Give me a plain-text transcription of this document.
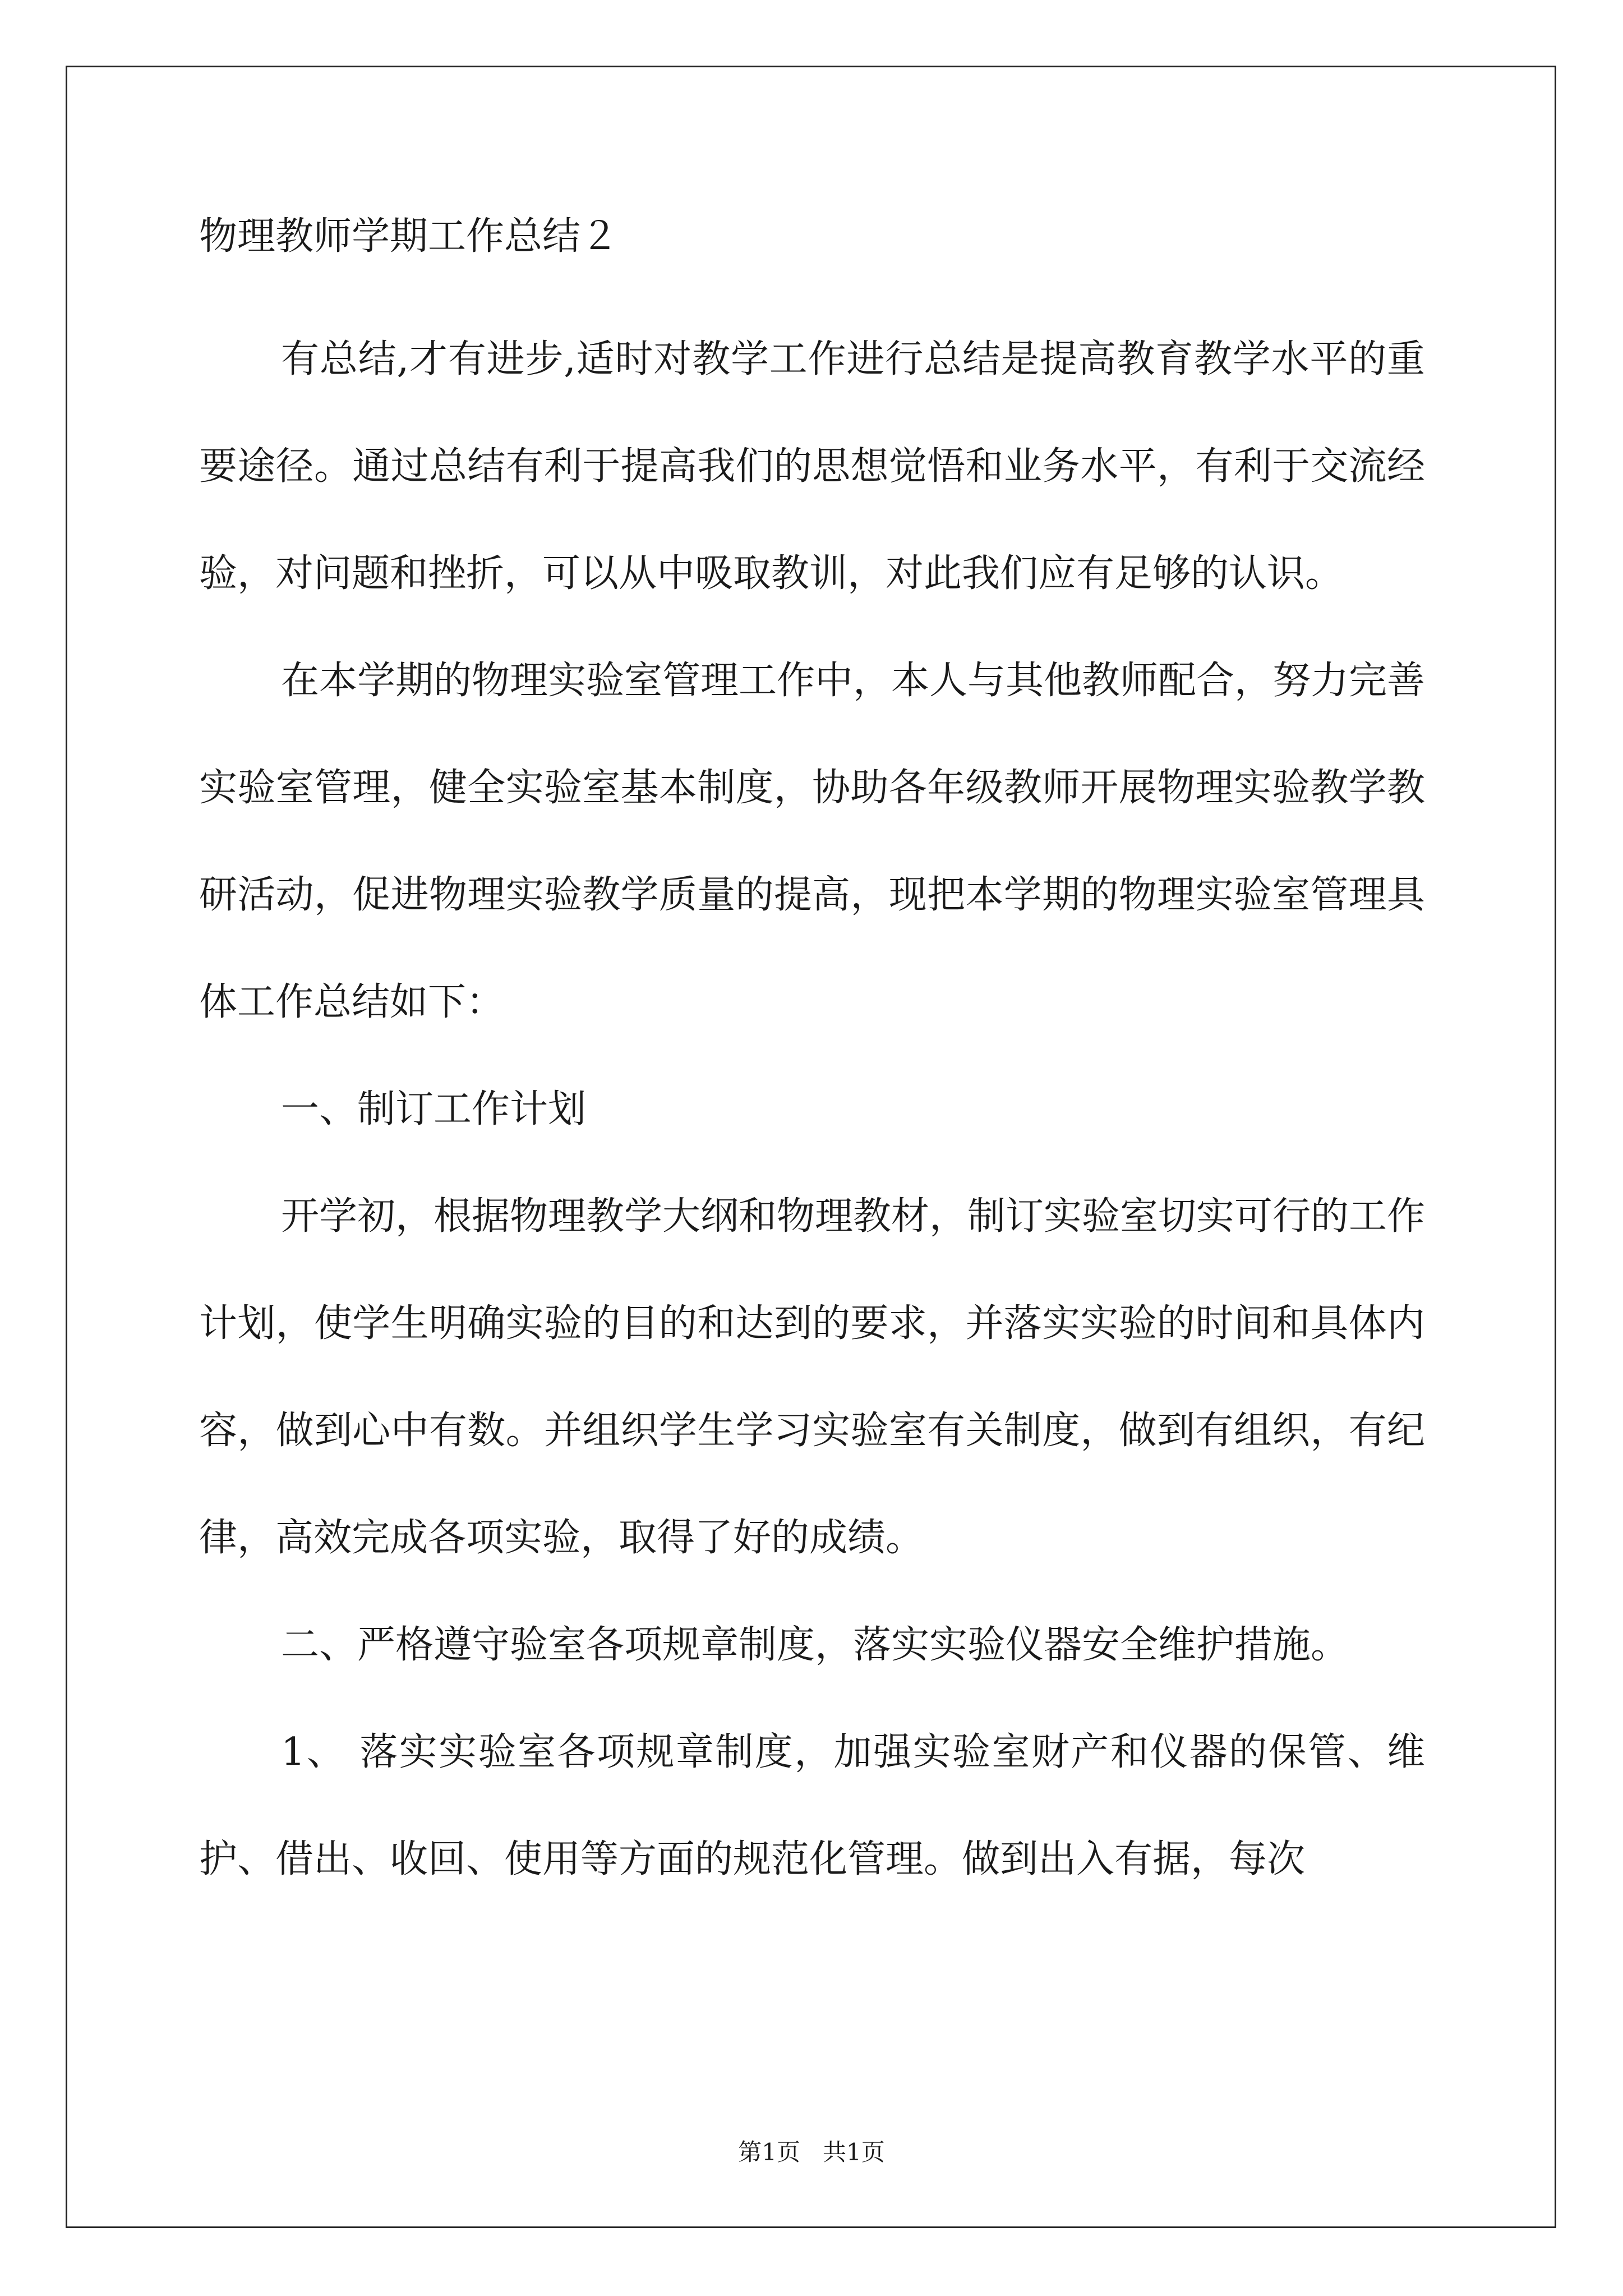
物理教师学期工作总结２

有总结,才有进步,适时对教学工作进行总结是提高教育教学水平的重要途径。通过总结有利于提高我们的思想觉悟和业务水平，有利于交流经验，对问题和挫折，可以从中吸取教训，对此我们应有足够的认识。

在本学期的物理实验室管理工作中，本人与其他教师配合，努力完善实验室管理，健全实验室基本制度，协助各年级教师开展物理实验教学教研活动，促进物理实验教学质量的提高，现把本学期的物理实验室管理具体工作总结如下：

一、制订工作计划

开学初，根据物理教学大纲和物理教材，制订实验室切实可行的工作计划，使学生明确实验的目的和达到的要求，并落实实验的时间和具体内容，做到心中有数。并组织学生学习实验室有关制度，做到有组织，有纪律，高效完成各项实验，取得了好的成绩。

二、严格遵守验室各项规章制度，落实实验仪器安全维护措施。

1、 落实实验室各项规章制度，加强实验室财产和仪器的保管、维护、借出、收回、使用等方面的规范化管理。做到出入有据，每次

第1页   共1页
